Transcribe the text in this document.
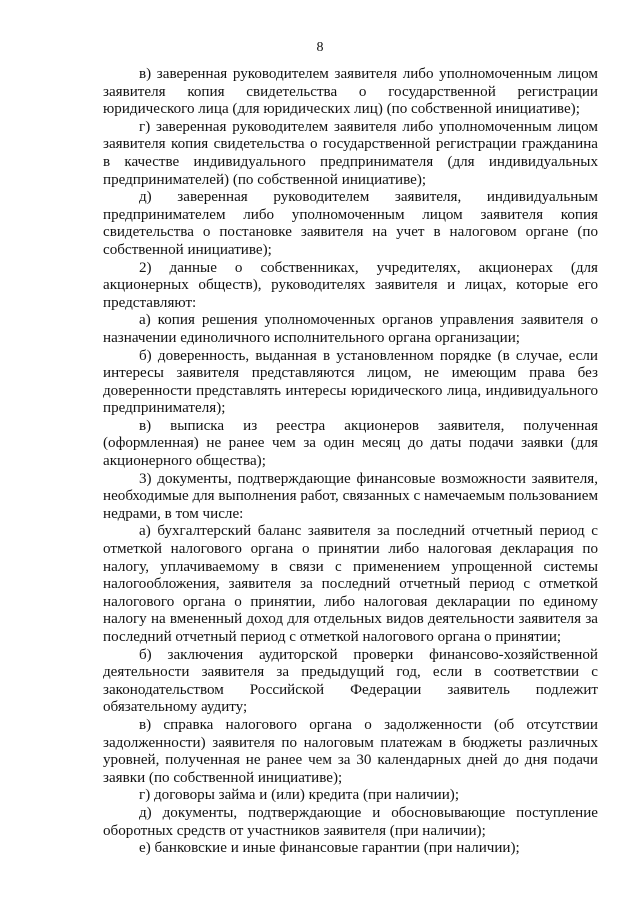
8

в) заверенная руководителем заявителя либо уполномоченным лицом заявителя копия свидетельства о государственной регистрации юридического лица (для юридических лиц) (по собственной инициативе);

г) заверенная руководителем заявителя либо уполномоченным лицом заявителя копия свидетельства о государственной регистрации гражданина в качестве индивидуального предпринимателя (для индивидуальных предпринимателей) (по собственной инициативе);

д) заверенная руководителем заявителя, индивидуальным предпринимателем либо уполномоченным лицом заявителя копия свидетельства о постановке заявителя на учет в налоговом органе (по собственной инициативе);

2) данные о собственниках, учредителях, акционерах (для акционерных обществ), руководителях заявителя и лицах, которые его представляют:

а) копия решения уполномоченных органов управления заявителя о назначении единоличного исполнительного органа организации;

б) доверенность, выданная в установленном порядке (в случае, если интересы заявителя представляются лицом, не имеющим права без доверенности представлять интересы юридического лица, индивидуального предпринимателя);

в) выписка из реестра акционеров заявителя, полученная (оформленная) не ранее чем за один месяц до даты подачи заявки (для акционерного общества);

3) документы, подтверждающие финансовые возможности заявителя, необходимые для выполнения работ, связанных с намечаемым пользованием недрами, в том числе:

а) бухгалтерский баланс заявителя за последний отчетный период с отметкой налогового органа о принятии либо налоговая декларация по налогу, уплачиваемому в связи с применением упрощенной системы налогообложения, заявителя за последний отчетный период с отметкой налогового органа о принятии, либо налоговая декларации по единому налогу на вмененный доход для отдельных видов деятельности заявителя за последний отчетный период с отметкой налогового органа о принятии;

б) заключения аудиторской проверки финансово-хозяйственной деятельности заявителя за предыдущий год, если в соответствии с законодательством Российской Федерации заявитель подлежит обязательному аудиту;

в) справка налогового органа о задолженности (об отсутствии задолженности) заявителя по налоговым платежам в бюджеты различных уровней, полученная не ранее чем за 30 календарных дней до дня подачи заявки (по собственной инициативе);

г) договоры займа и (или) кредита (при наличии);

д) документы, подтверждающие и обосновывающие поступление оборотных средств от участников заявителя (при наличии);

е) банковские и иные финансовые гарантии (при наличии);
